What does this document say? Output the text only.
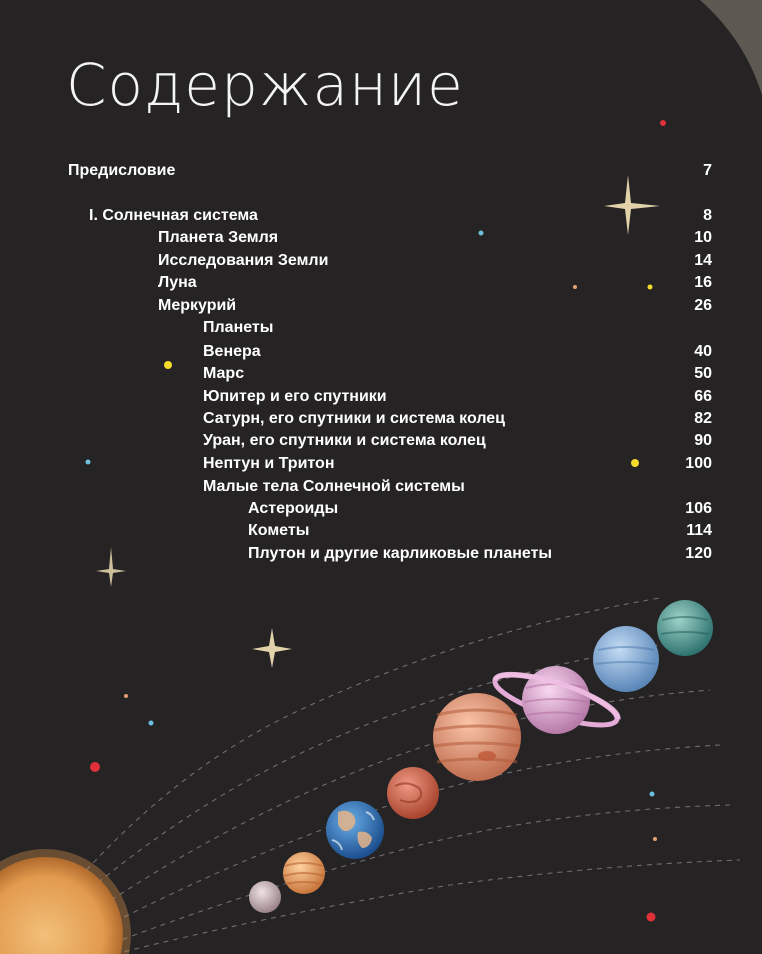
Содержание
Предисловие	7
I. Солнечная система	8
Планета Земля	10
Исследования Земли	14
Луна	16
Меркурий	26
Планеты
Венера	40
Марс	50
Юпитер и его спутники	66
Сатурн, его спутники и система колец	82
Уран, его спутники и система колец	90
Нептун и Тритон	100
Малые тела Солнечной системы
Астероиды	106
Кометы	114
Плутон и другие карликовые планеты	120
